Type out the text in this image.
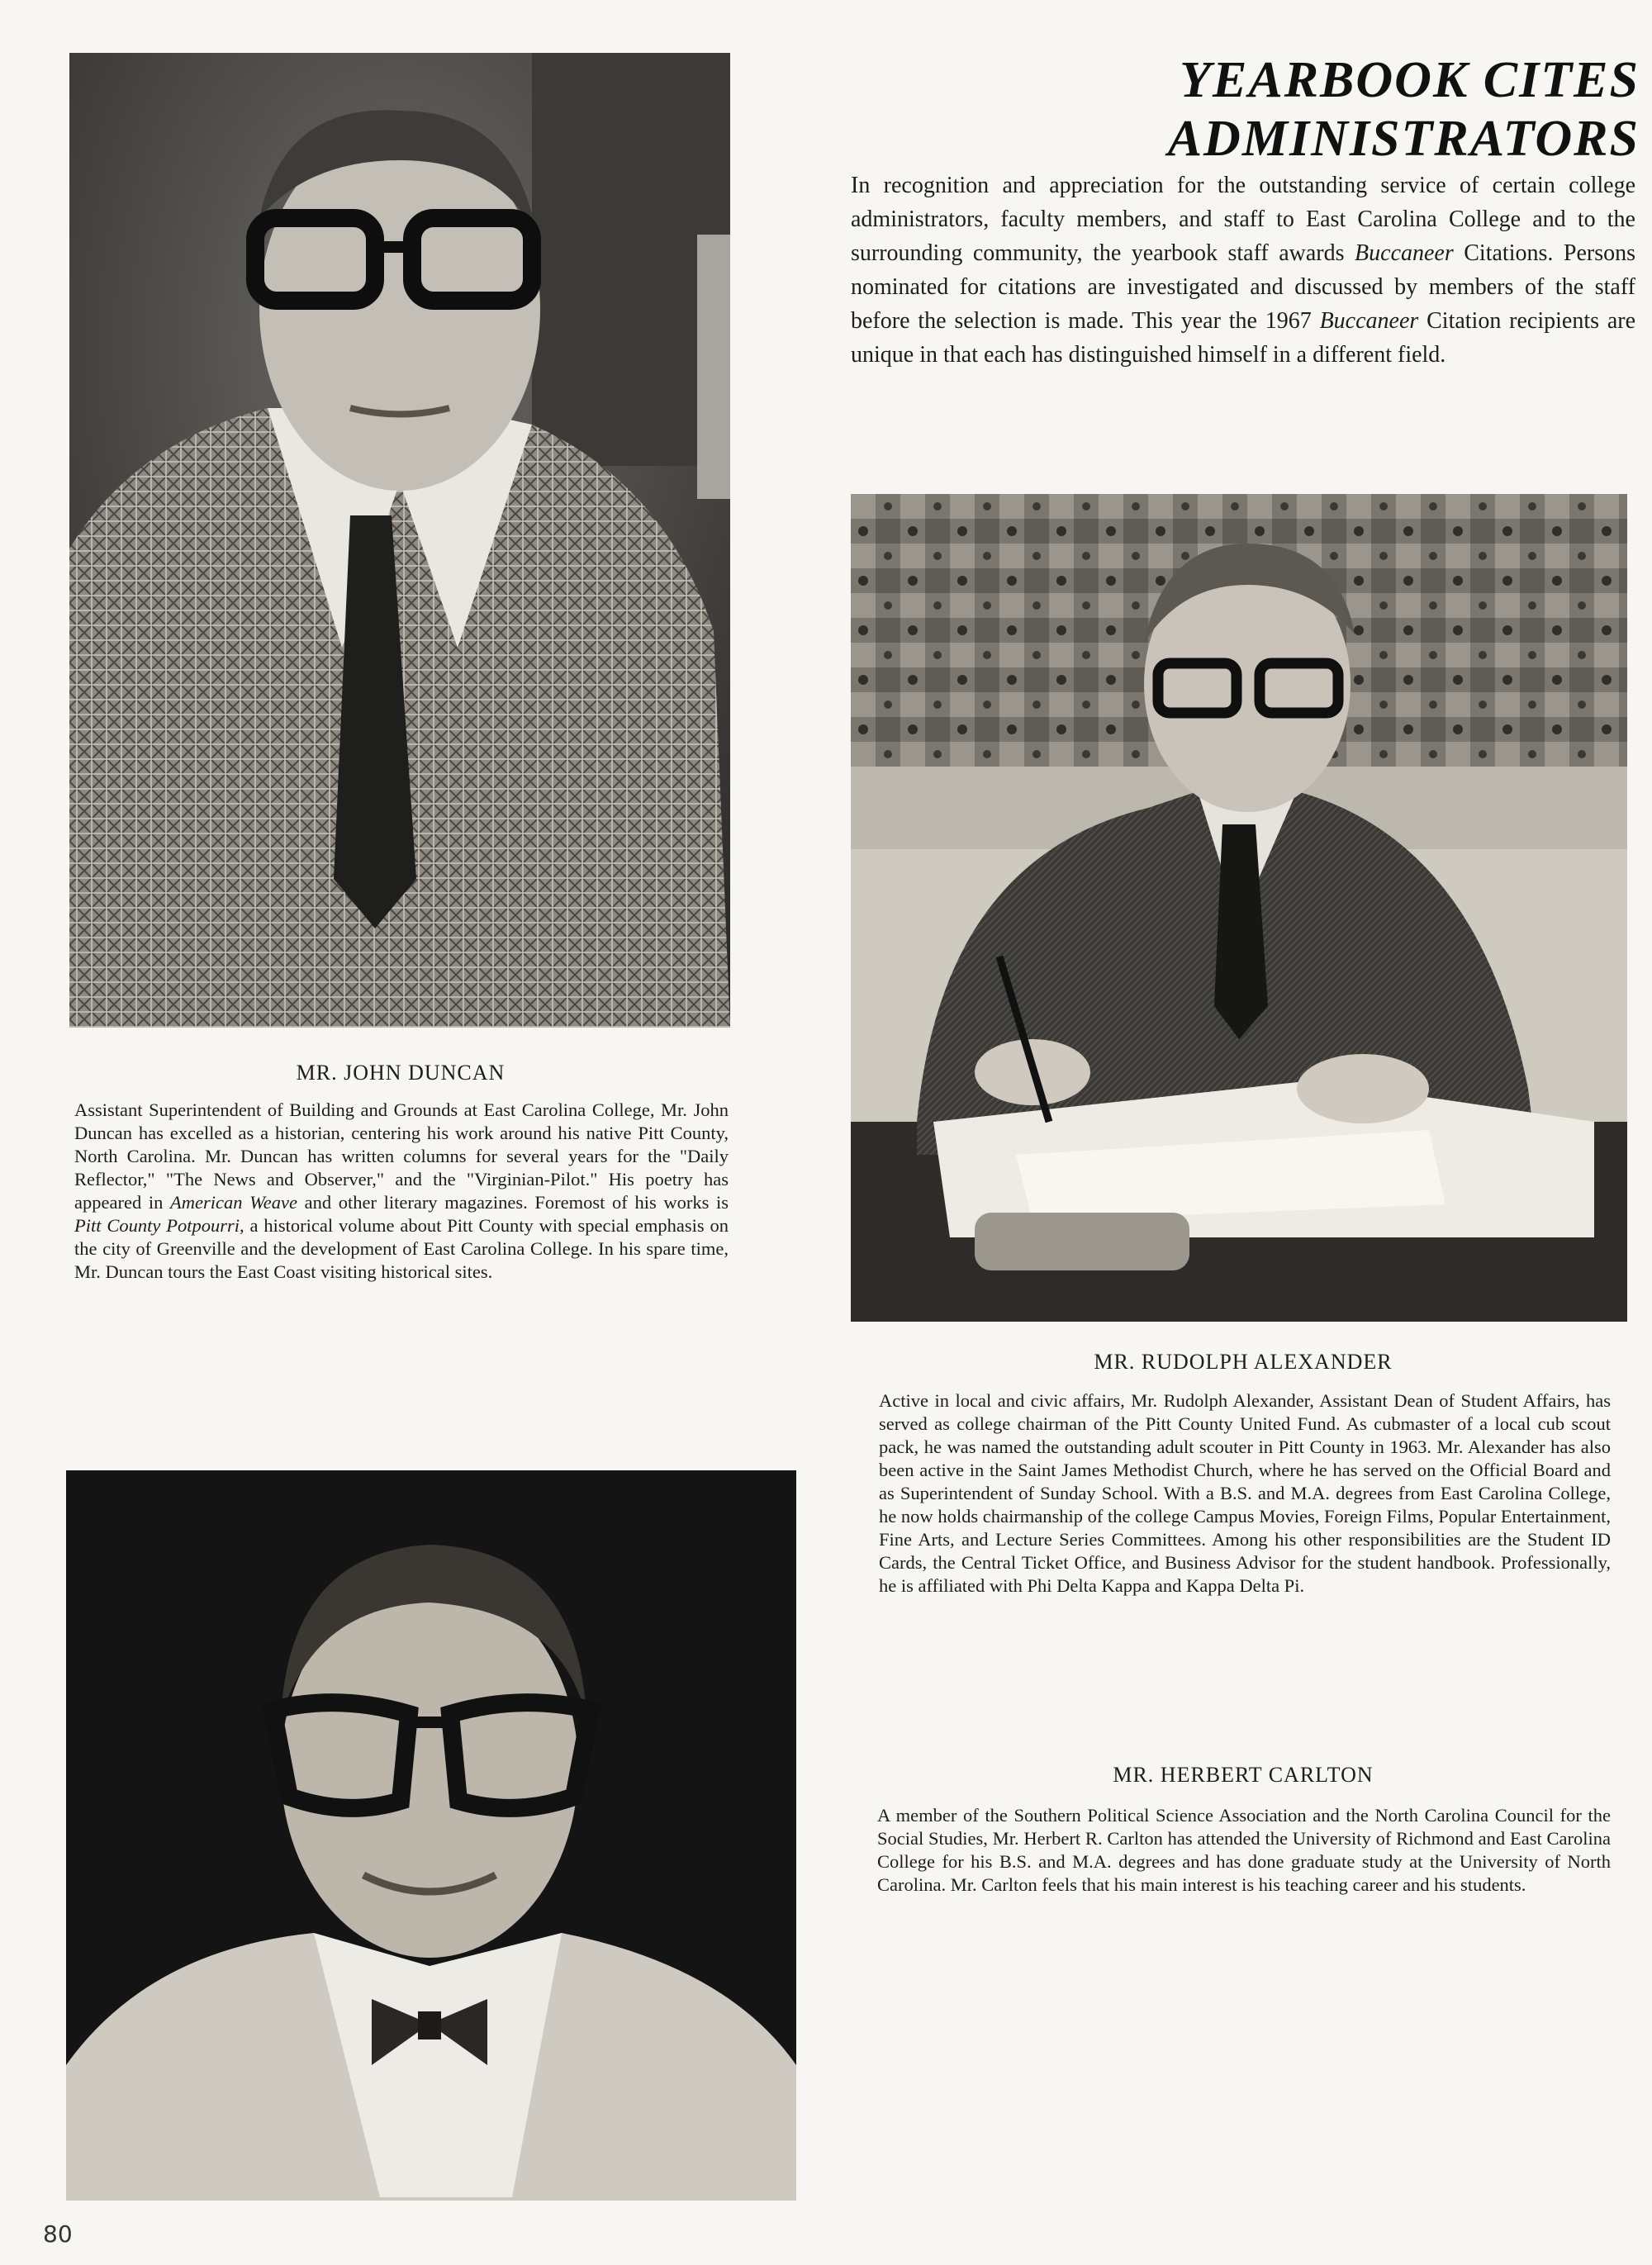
YEARBOOK CITES ADMINISTRATORS

In recognition and appreciation for the outstanding service of certain college administrators, faculty members, and staff to East Carolina College and to the surrounding community, the yearbook staff awards Buccaneer Citations. Persons nominated for citations are investigated and discussed by members of the staff before the selection is made. This year the 1967 Buccaneer Citation recipients are unique in that each has distinguished himself in a different field.

MR. JOHN DUNCAN

Assistant Superintendent of Building and Grounds at East Carolina College, Mr. John Duncan has excelled as a historian, centering his work around his native Pitt County, North Carolina. Mr. Duncan has written columns for several years for the "Daily Reflector," "The News and Observer," and the "Virginian-Pilot." His poetry has appeared in American Weave and other literary magazines. Foremost of his works is Pitt County Potpourri, a historical volume about Pitt County with special emphasis on the city of Greenville and the development of East Carolina College. In his spare time, Mr. Duncan tours the East Coast visiting historical sites.

MR. RUDOLPH ALEXANDER

Active in local and civic affairs, Mr. Rudolph Alexander, Assistant Dean of Student Affairs, has served as college chairman of the Pitt County United Fund. As cubmaster of a local cub scout pack, he was named the outstanding adult scouter in Pitt County in 1963. Mr. Alexander has also been active in the Saint James Methodist Church, where he has served on the Official Board and as Superintendent of Sunday School. With a B.S. and M.A. degrees from East Carolina College, he now holds chairmanship of the college Campus Movies, Foreign Films, Popular Entertainment, Fine Arts, and Lecture Series Committees. Among his other responsibilities are the Student ID Cards, the Central Ticket Office, and Business Advisor for the student handbook. Professionally, he is affiliated with Phi Delta Kappa and Kappa Delta Pi.

MR. HERBERT CARLTON

A member of the Southern Political Science Association and the North Carolina Council for the Social Studies, Mr. Herbert R. Carlton has attended the University of Richmond and East Carolina College for his B.S. and M.A. degrees and has done graduate study at the University of North Carolina. Mr. Carlton feels that his main interest is his teaching career and his students.

80
